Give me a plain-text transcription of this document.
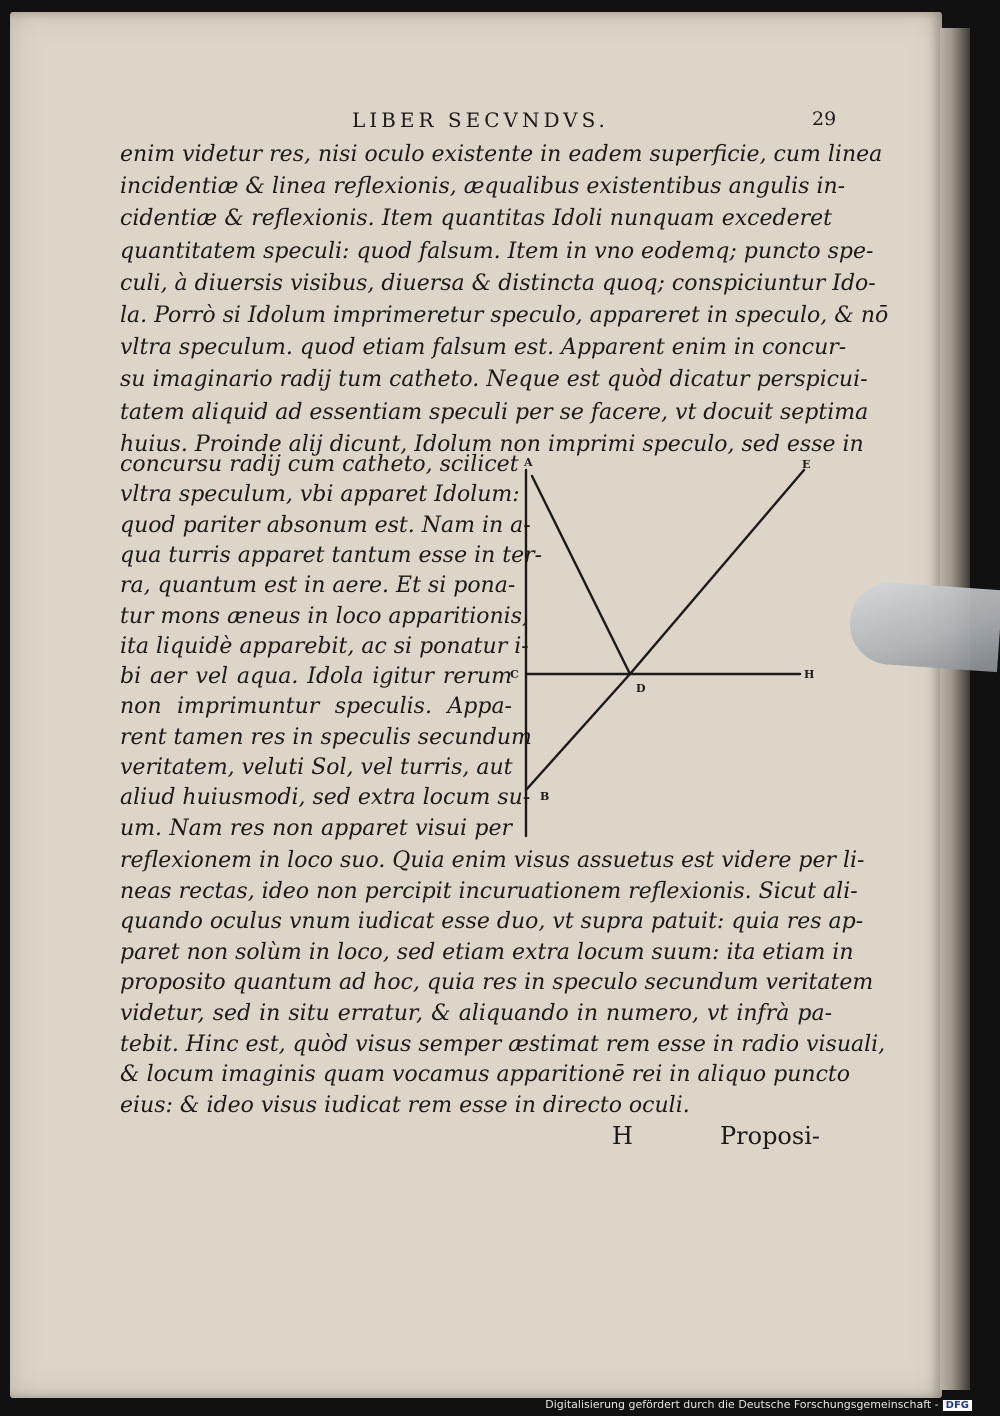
LIBER SECVNDVS.	29

enim videtur res, nisi oculo existente in eadem superficie, cum linea

incidentiæ & linea reflexionis, æqualibus existentibus angulis in-

cidentiæ & reflexionis. Item quantitas Idoli nunquam excederet

quantitatem speculi: quod falsum. Item in vno eodemq; puncto spe-

culi, à diuersis visibus, diuersa & distincta quoq; conspiciuntur Ido-

la. Porrò si Idolum imprimeretur speculo, appareret in speculo, & nō

vltra speculum. quod etiam falsum est. Apparent enim in concur-

su imaginario radij tum catheto. Neque est quòd dicatur perspicui-

tatem aliquid ad essentiam speculi per se facere, vt docuit septima

huius. Proinde alij dicunt, Idolum non imprimi speculo, sed esse in

concursu radij cum catheto, scilicet

vltra speculum, vbi apparet Idolum:

quod pariter absonum est. Nam in a-

qua turris apparet tantum esse in ter-

ra, quantum est in aere. Et si pona-

tur mons æneus in loco apparitionis,

ita liquidè apparebit, ac si ponatur i-

bi aer vel aqua. Idola igitur rerum

non imprimuntur speculis. Appa-

rent tamen res in speculis secundum

veritatem, veluti Sol, vel turris, aut

aliud huiusmodi, sed extra locum su-

um. Nam res non apparet visui per

reflexionem in loco suo. Quia enim visus assuetus est videre per li-

neas rectas, ideo non percipit incuruationem reflexionis. Sicut ali-

quando oculus vnum iudicat esse duo, vt supra patuit: quia res ap-

paret non solùm in loco, sed etiam extra locum suum: ita etiam in

proposito quantum ad hoc, quia res in speculo secundum veritatem

videtur, sed in situ erratur, & aliquando in numero, vt infrà pa-

tebit. Hinc est, quòd visus semper æstimat rem esse in radio visuali,

& locum imaginis quam vocamus apparitionē rei in aliquo puncto

eius: & ideo visus iudicat rem esse in directo oculi.

A	E
C
D
H
B

H	Proposi-

Digitalisierung gefördert durch die Deutsche Forschungsgemeinschaft - DFG
